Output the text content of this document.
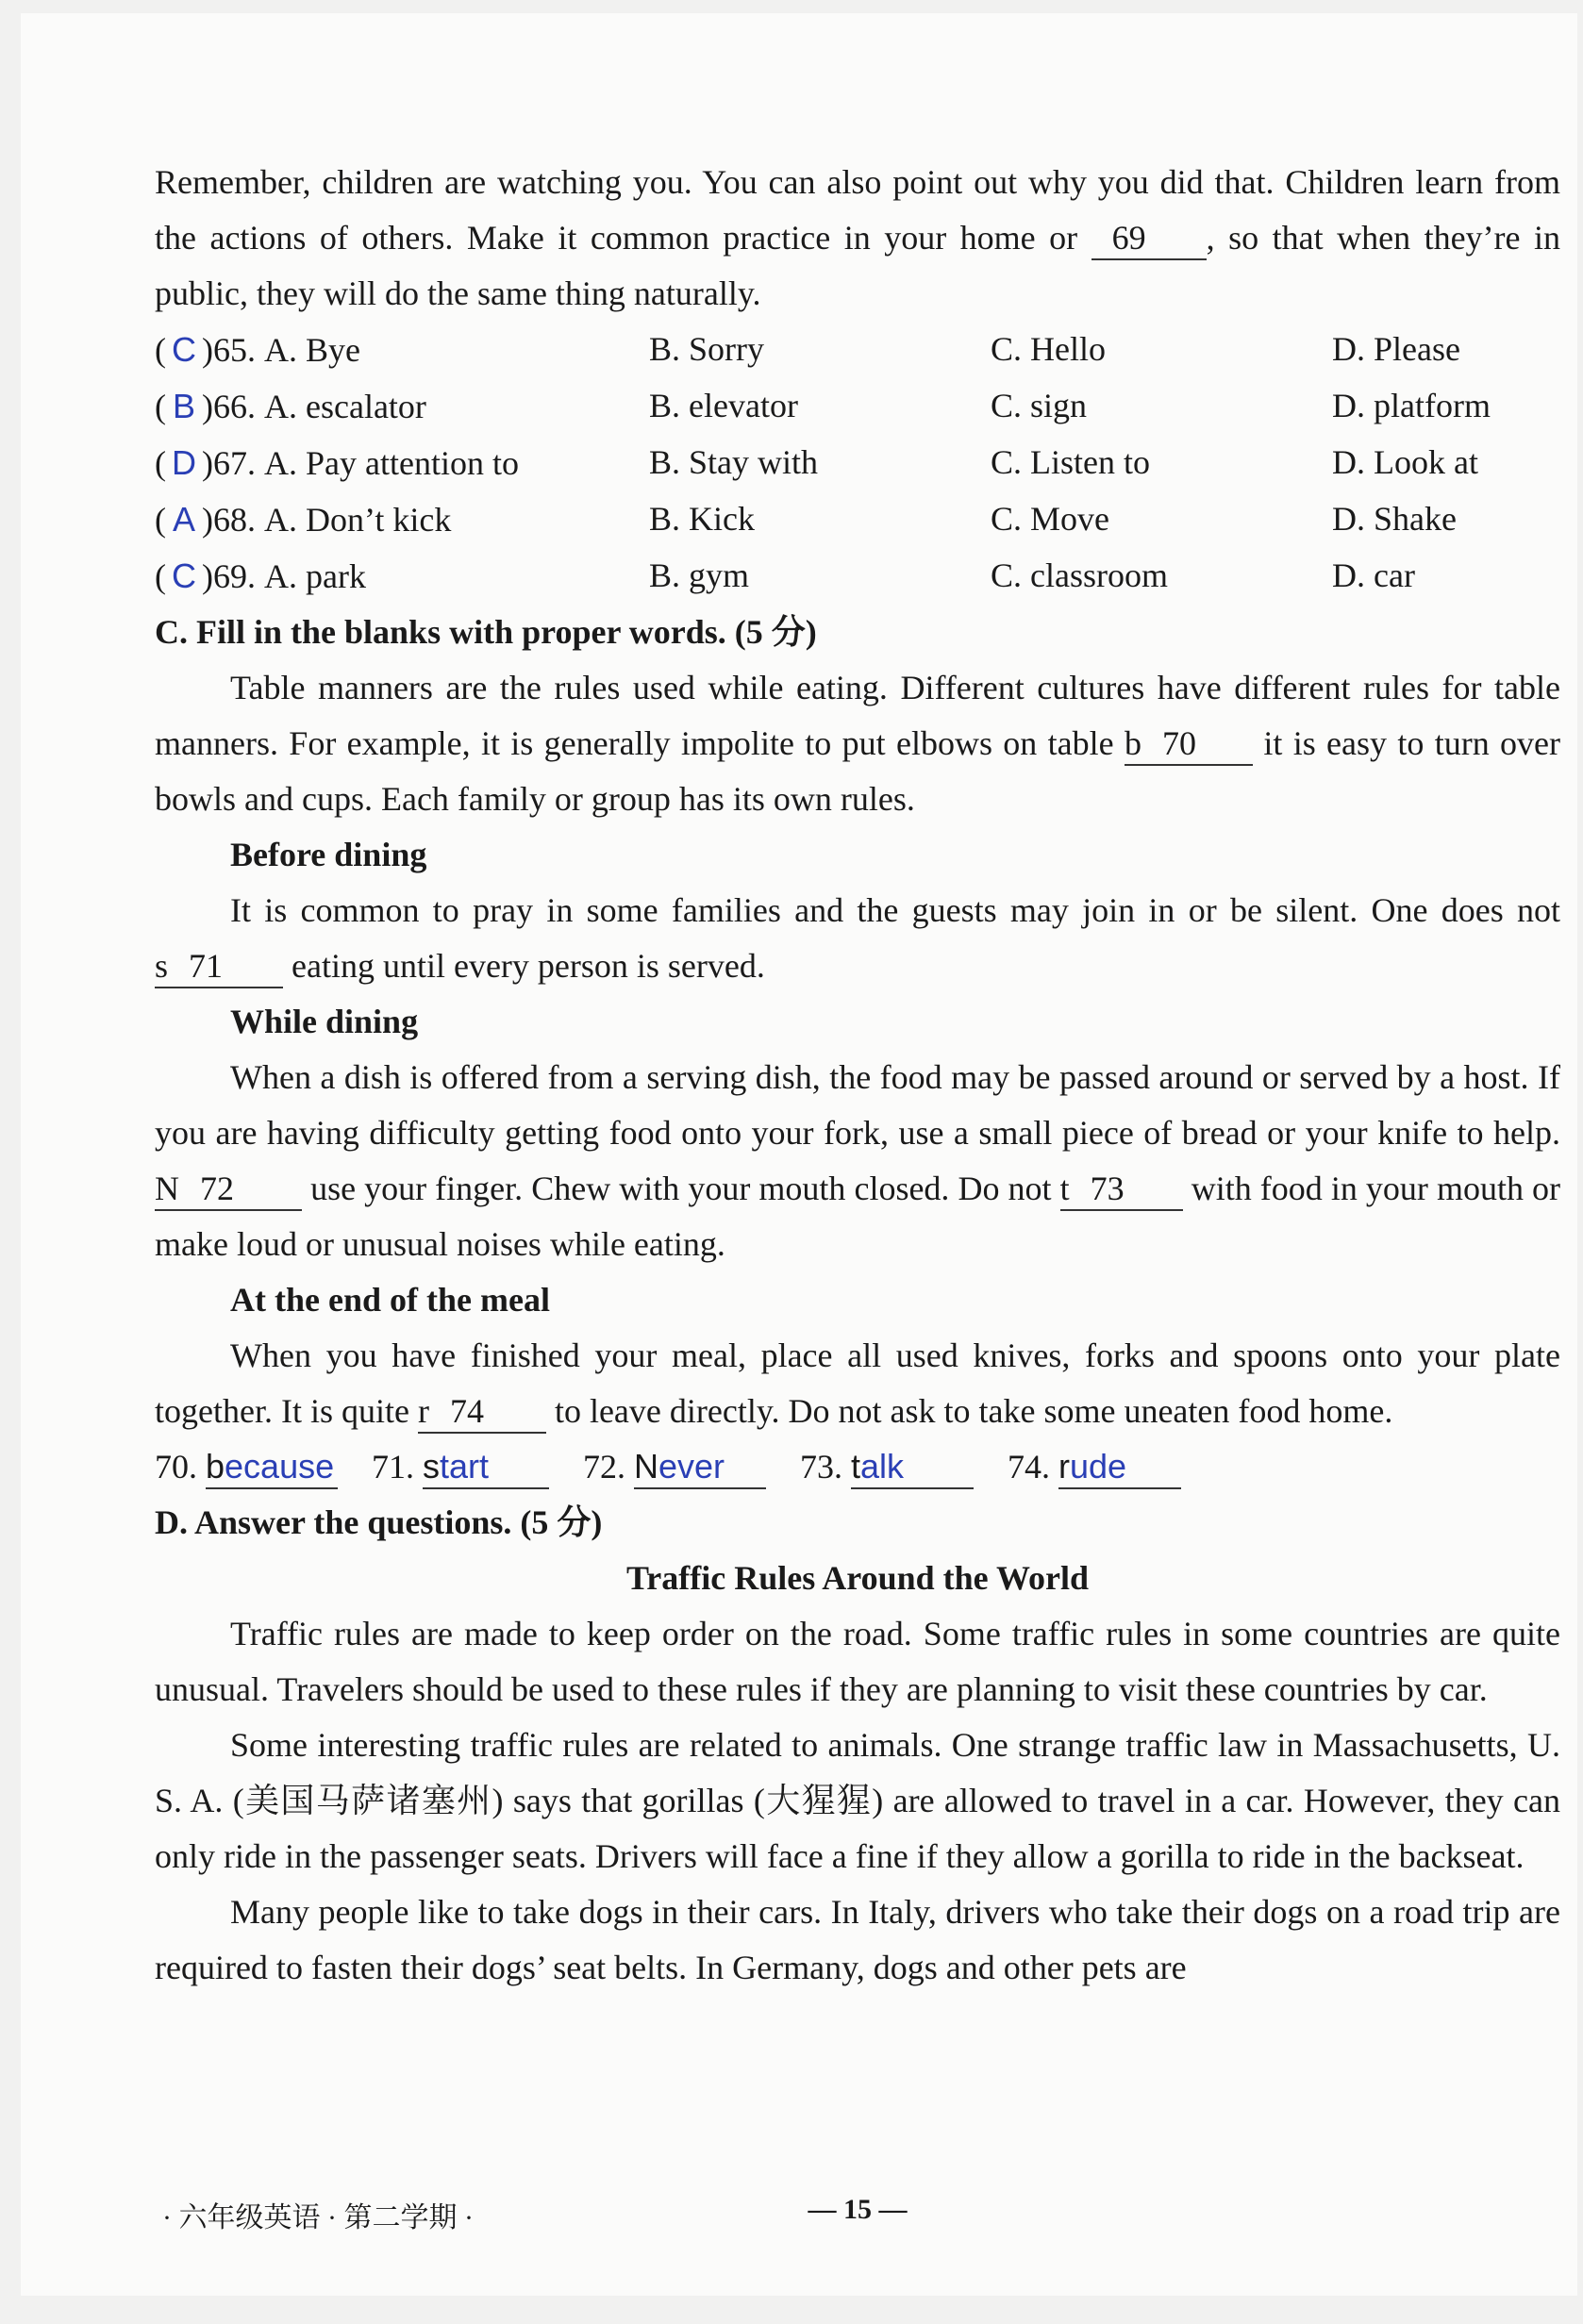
Remember, children are watching you. You can also point out why you did that. Children learn from the actions of others. Make it common practice in your home or 69 , so that when they’re in public, they will do the same thing naturally.

( C )65. A. Bye	B. Sorry	C. Hello	D. Please
( B )66. A. escalator	B. elevator	C. sign	D. platform
( D )67. A. Pay attention to	B. Stay with	C. Listen to	D. Look at
( A )68. A. Don’t kick	B. Kick	C. Move	D. Shake
( C )69. A. park	B. gym	C. classroom	D. car

C. Fill in the blanks with proper words. (5 分)

Table manners are the rules used while eating. Different cultures have different rules for table manners. For example, it is generally impolite to put elbows on table b 70 it is easy to turn over bowls and cups. Each family or group has its own rules.

Before dining

It is common to pray in some families and the guests may join in or be silent. One does not s 71 eating until every person is served.

While dining

When a dish is offered from a serving dish, the food may be passed around or served by a host. If you are having difficulty getting food onto your fork, use a small piece of bread or your knife to help. N 72 use your finger. Chew with your mouth closed. Do not t 73 with food in your mouth or make loud or unusual noises while eating.

At the end of the meal

When you have finished your meal, place all used knives, forks and spoons onto your plate together. It is quite r 74 to leave directly. Do not ask to take some uneaten food home.

70. because 71. start	72. Never	73. talk	74. rude

D. Answer the questions. (5 分)

Traffic Rules Around the World

Traffic rules are made to keep order on the road. Some traffic rules in some countries are quite unusual. Travelers should be used to these rules if they are planning to visit these countries by car.

Some interesting traffic rules are related to animals. One strange traffic law in Massachusetts, U. S. A. (美国马萨诸塞州) says that gorillas (大猩猩) are allowed to travel in a car. However, they can only ride in the passenger seats. Drivers will face a fine if they allow a gorilla to ride in the backseat.

Many people like to take dogs in their cars. In Italy, drivers who take their dogs on a road trip are required to fasten their dogs’ seat belts. In Germany, dogs and other pets are

· 六年级英语 · 第二学期 ·	— 15 —
